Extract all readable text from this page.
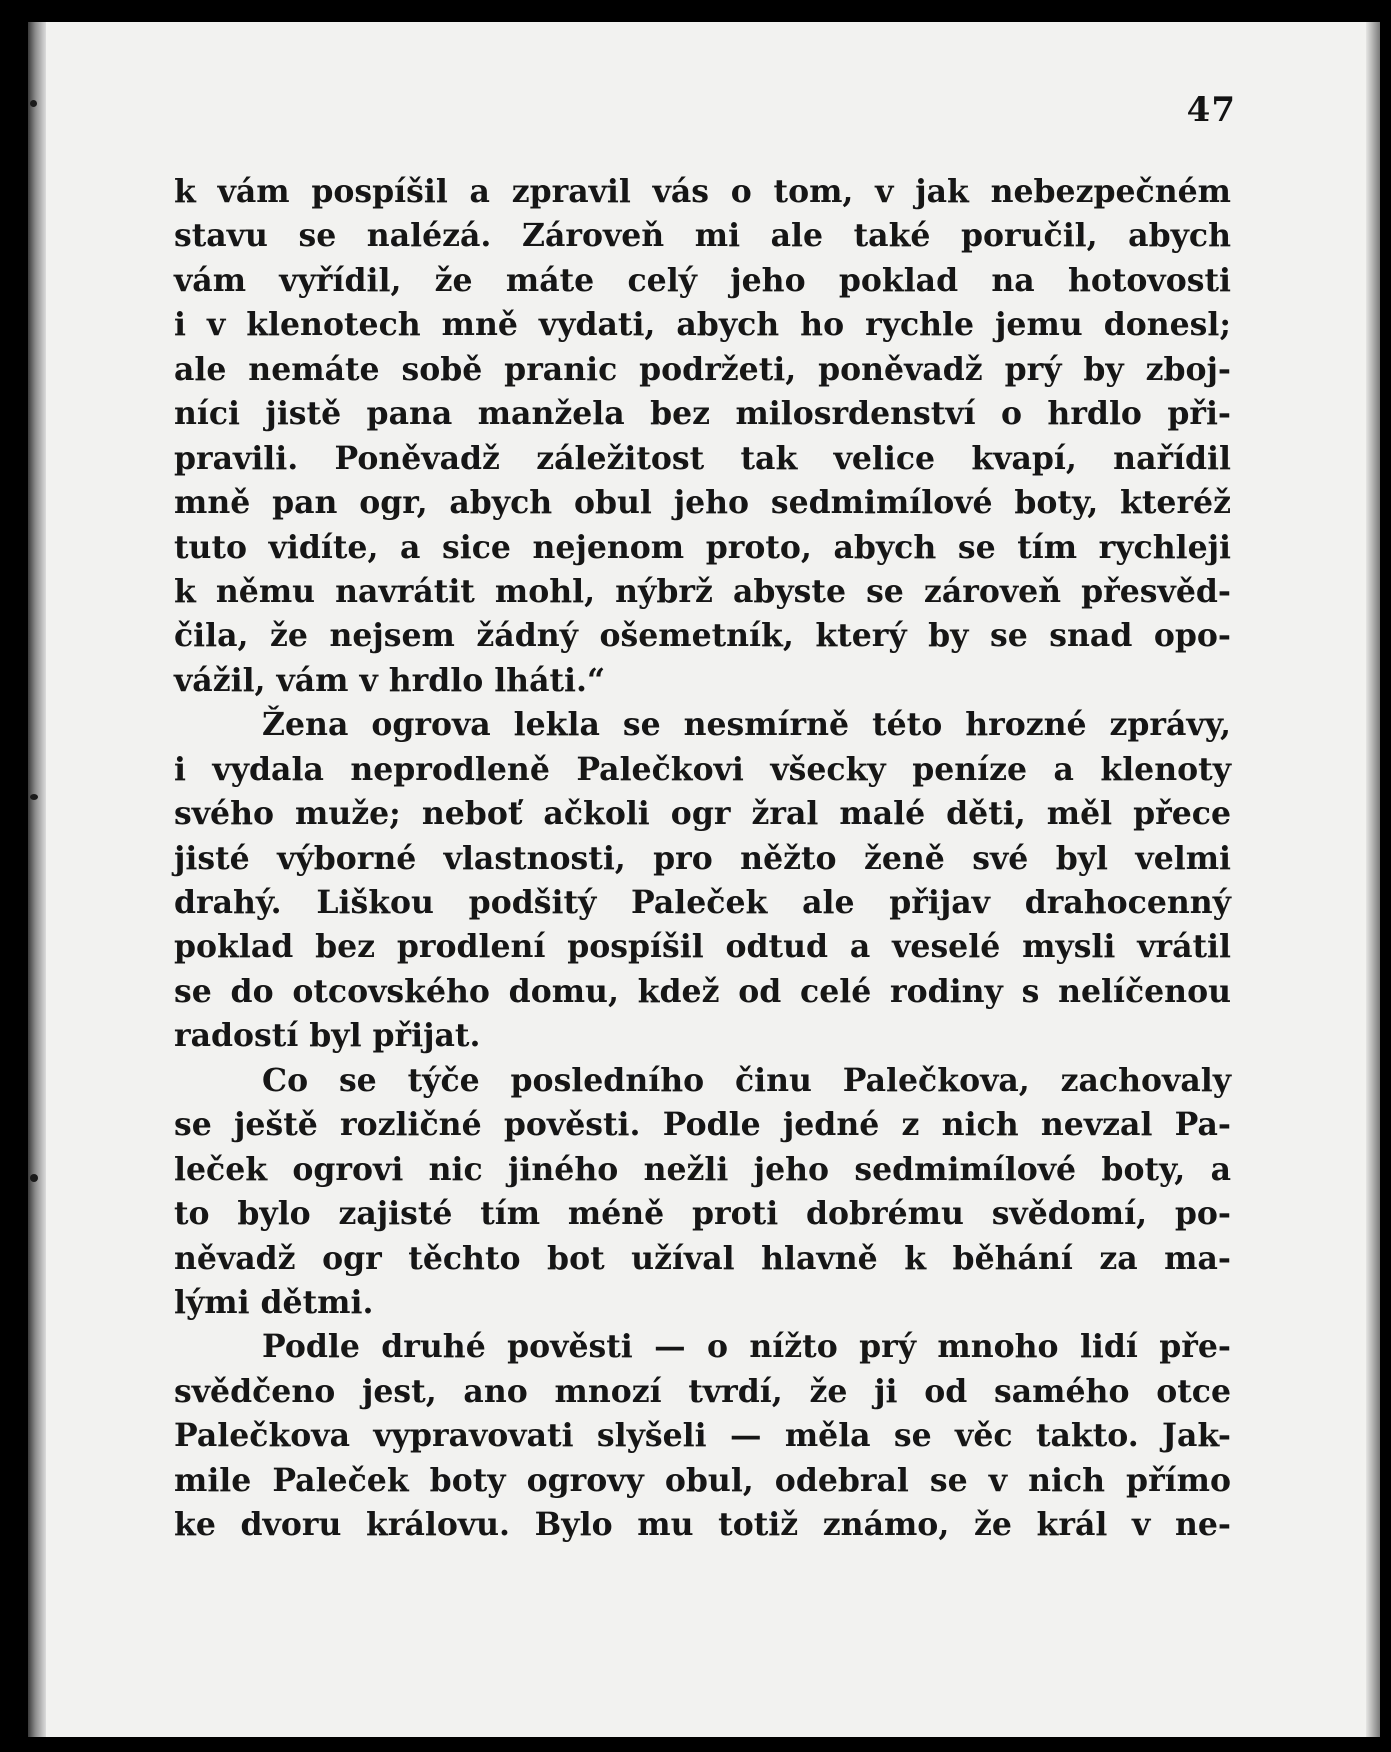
47
k vám pospíšil a zpravil vás o tom, v jak nebezpečném
stavu se nalézá. Zároveň mi ale také poručil, abych
vám vyřídil, že máte celý jeho poklad na hotovosti
i v klenotech mně vydati, abych ho rychle jemu donesl;
ale nemáte sobě pranic podržeti, poněvadž prý by zboj-
níci jistě pana manžela bez milosrdenství o hrdlo při-
pravili. Poněvadž záležitost tak velice kvapí, nařídil
mně pan ogr, abych obul jeho sedmimílové boty, kteréž
tuto vidíte, a sice nejenom proto, abych se tím rychleji
k němu navrátit mohl, nýbrž abyste se zároveň přesvěd-
čila, že nejsem žádný ošemetník, který by se snad opo-
vážil, vám v hrdlo lháti.“
Žena ogrova lekla se nesmírně této hrozné zprávy,
i vydala neprodleně Palečkovi všecky peníze a klenoty
svého muže; neboť ačkoli ogr žral malé děti, měl přece
jisté výborné vlastnosti, pro něžto ženě své byl velmi
drahý. Liškou podšitý Paleček ale přijav drahocenný
poklad bez prodlení pospíšil odtud a veselé mysli vrátil
se do otcovského domu, kdež od celé rodiny s nelíčenou
radostí byl přijat.
Co se týče posledního činu Palečkova, zachovaly
se ještě rozličné pověsti. Podle jedné z nich nevzal Pa-
leček ogrovi nic jiného nežli jeho sedmimílové boty, a
to bylo zajisté tím méně proti dobrému svědomí, po-
něvadž ogr těchto bot užíval hlavně k běhání za ma-
lými dětmi.
Podle druhé pověsti — o nížto prý mnoho lidí pře-
svědčeno jest, ano mnozí tvrdí, že ji od samého otce
Palečkova vypravovati slyšeli — měla se věc takto. Jak-
mile Paleček boty ogrovy obul, odebral se v nich přímo
ke dvoru královu. Bylo mu totiž známo, že král v ne-
